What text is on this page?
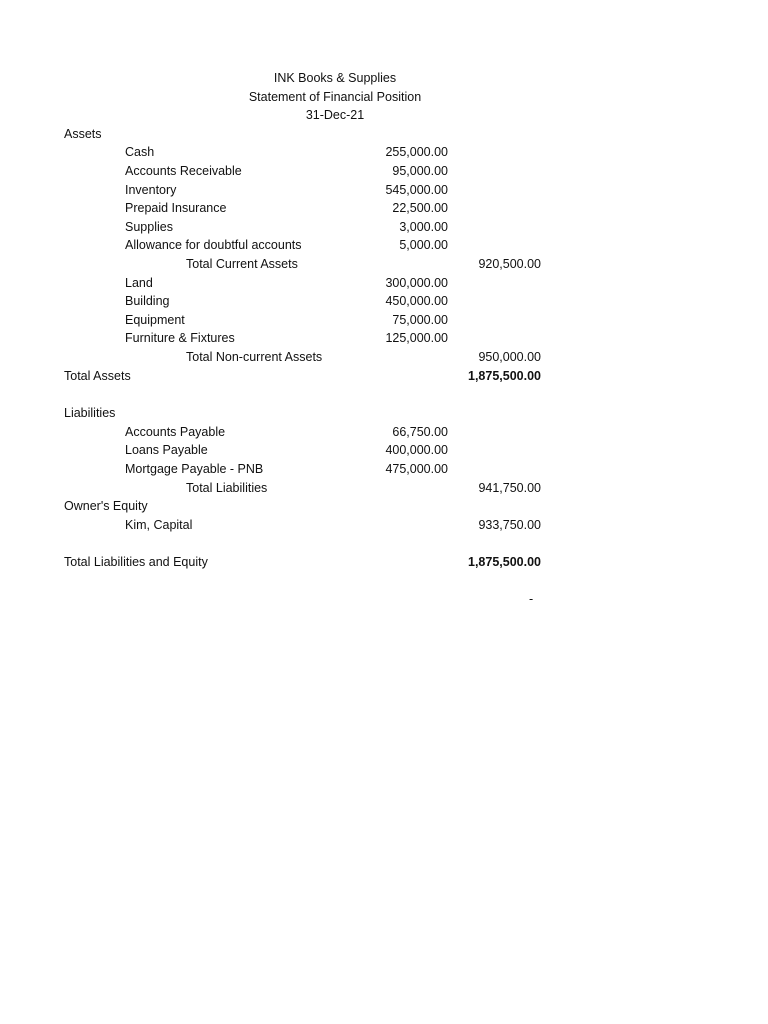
INK Books & Supplies
Statement of Financial Position
31-Dec-21
Assets
Cash	255,000.00
Accounts Receivable	95,000.00
Inventory	545,000.00
Prepaid Insurance	22,500.00
Supplies	3,000.00
Allowance for doubtful accounts	5,000.00
Total Current Assets	920,500.00
Land	300,000.00
Building	450,000.00
Equipment	75,000.00
Furniture & Fixtures	125,000.00
Total Non-current Assets	950,000.00
Total Assets	1,875,500.00
Liabilities
Accounts Payable	66,750.00
Loans Payable	400,000.00
Mortgage Payable - PNB	475,000.00
Total Liabilities	941,750.00
Owner's Equity
Kim, Capital	933,750.00
Total Liabilities and Equity	1,875,500.00
-
